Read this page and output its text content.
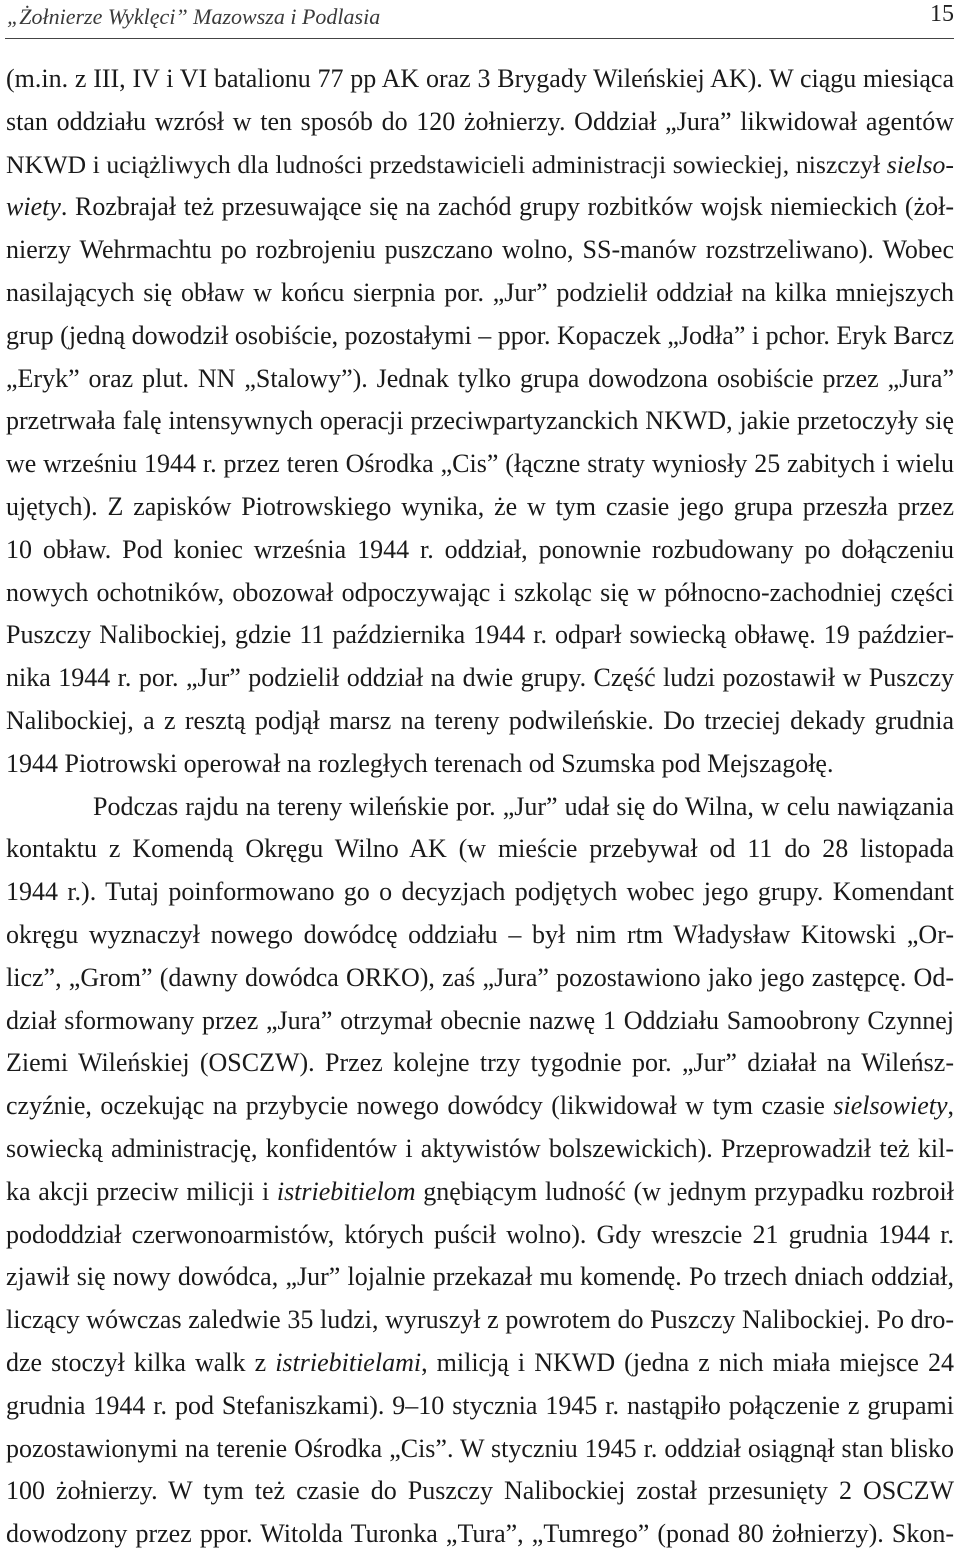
„Żołnierze Wyklęci” Mazowsza i Podlasia	15
(m.in. z III, IV i VI batalionu 77 pp AK oraz 3 Brygady Wileńskiej AK). W ciągu miesiąca
stan oddziału wzrósł w ten sposób do 120 żołnierzy. Oddział „Jura” likwidował agentów
NKWD i uciążliwych dla ludności przedstawicieli administracji sowieckiej, niszczył sielso-
wiety. Rozbrajał też przesuwające się na zachód grupy rozbitków wojsk niemieckich (żoł-
nierzy Wehrmachtu po rozbrojeniu puszczano wolno, SS-manów rozstrzeliwano). Wobec
nasilających się obław w końcu sierpnia por. „Jur” podzielił oddział na kilka mniejszych
grup (jedną dowodził osobiście, pozostałymi – ppor. Kopaczek „Jodła” i pchor. Eryk Barcz
„Eryk” oraz plut. NN „Stalowy”). Jednak tylko grupa dowodzona osobiście przez „Jura”
przetrwała falę intensywnych operacji przeciwpartyzanckich NKWD, jakie przetoczyły się
we wrześniu 1944 r. przez teren Ośrodka „Cis” (łączne straty wyniosły 25 zabitych i wielu
ujętych). Z zapisków Piotrowskiego wynika, że w tym czasie jego grupa przeszła przez
10 obław. Pod koniec września 1944 r. oddział, ponownie rozbudowany po dołączeniu
nowych ochotników, obozował odpoczywając i szkoląc się w północno-zachodniej części
Puszczy Nalibockiej, gdzie 11 października 1944 r. odparł sowiecką obławę. 19 paździer-
nika 1944 r. por. „Jur” podzielił oddział na dwie grupy. Część ludzi pozostawił w Puszczy
Nalibockiej, a z resztą podjął marsz na tereny podwileńskie. Do trzeciej dekady grudnia
1944 Piotrowski operował na rozległych terenach od Szumska pod Mejszagołę.
Podczas rajdu na tereny wileńskie por. „Jur” udał się do Wilna, w celu nawiązania
kontaktu z Komendą Okręgu Wilno AK (w mieście przebywał od 11 do 28 listopada
1944 r.). Tutaj poinformowano go o decyzjach podjętych wobec jego grupy. Komendant
okręgu wyznaczył nowego dowódcę oddziału – był nim rtm Władysław Kitowski „Or-
licz”, „Grom” (dawny dowódca ORKO), zaś „Jura” pozostawiono jako jego zastępcę. Od-
dział sformowany przez „Jura” otrzymał obecnie nazwę 1 Oddziału Samoobrony Czynnej
Ziemi Wileńskiej (OSCZW). Przez kolejne trzy tygodnie por. „Jur” działał na Wileńsz-
czyźnie, oczekując na przybycie nowego dowódcy (likwidował w tym czasie sielsowiety,
sowiecką administrację, konfidentów i aktywistów bolszewickich). Przeprowadził też kil-
ka akcji przeciw milicji i istriebitielom gnębiącym ludność (w jednym przypadku rozbroił
pododdział czerwonoarmistów, których puścił wolno). Gdy wreszcie 21 grudnia 1944 r.
zjawił się nowy dowódca, „Jur” lojalnie przekazał mu komendę. Po trzech dniach oddział,
liczący wówczas zaledwie 35 ludzi, wyruszył z powrotem do Puszczy Nalibockiej. Po dro-
dze stoczył kilka walk z istriebitielami, milicją i NKWD (jedna z nich miała miejsce 24
grudnia 1944 r. pod Stefaniszkami). 9–10 stycznia 1945 r. nastąpiło połączenie z grupami
pozostawionymi na terenie Ośrodka „Cis”. W styczniu 1945 r. oddział osiągnął stan blisko
100 żołnierzy. W tym też czasie do Puszczy Nalibockiej został przesunięty 2 OSCZW
dowodzony przez ppor. Witolda Turonka „Tura”, „Tumrego” (ponad 80 żołnierzy). Skon-
